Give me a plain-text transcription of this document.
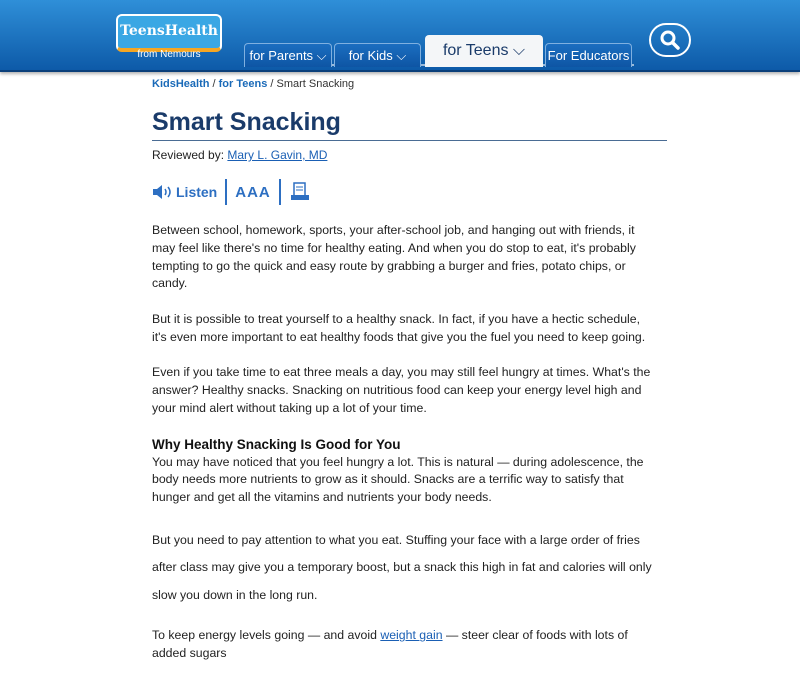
TeensHealth
from Nemours	for Parents ⌵	for Kids ⌵	for Teens ⌵	For Educators
KidsHealth / for Teens / Smart Snacking
Smart Snacking
Reviewed by: Mary L. Gavin, MD
Listen AAA

Between school, homework, sports, your after-school job, and hanging out with friends, it may feel like there's no time for healthy eating. And when you do stop to eat, it's probably tempting to go the quick and easy route by grabbing a burger and fries, potato chips, or candy.

But it is possible to treat yourself to a healthy snack. In fact, if you have a hectic schedule, it's even more important to eat healthy foods that give you the fuel you need to keep going.

Even if you take time to eat three meals a day, you may still feel hungry at times. What's the answer? Healthy snacks. Snacking on nutritious food can keep your energy level high and your mind alert without taking up a lot of your time.

Why Healthy Snacking Is Good for You

You may have noticed that you feel hungry a lot. This is natural — during adolescence, the body needs more nutrients to grow as it should. Snacks are a terrific way to satisfy that hunger and get all the vitamins and nutrients your body needs.

But you need to pay attention to what you eat. Stuffing your face with a large order of fries after class may give you a temporary boost, but a snack this high in fat and calories will only slow you down in the long run.

To keep energy levels going — and avoid weight gain — steer clear of foods with lots of added sugars
